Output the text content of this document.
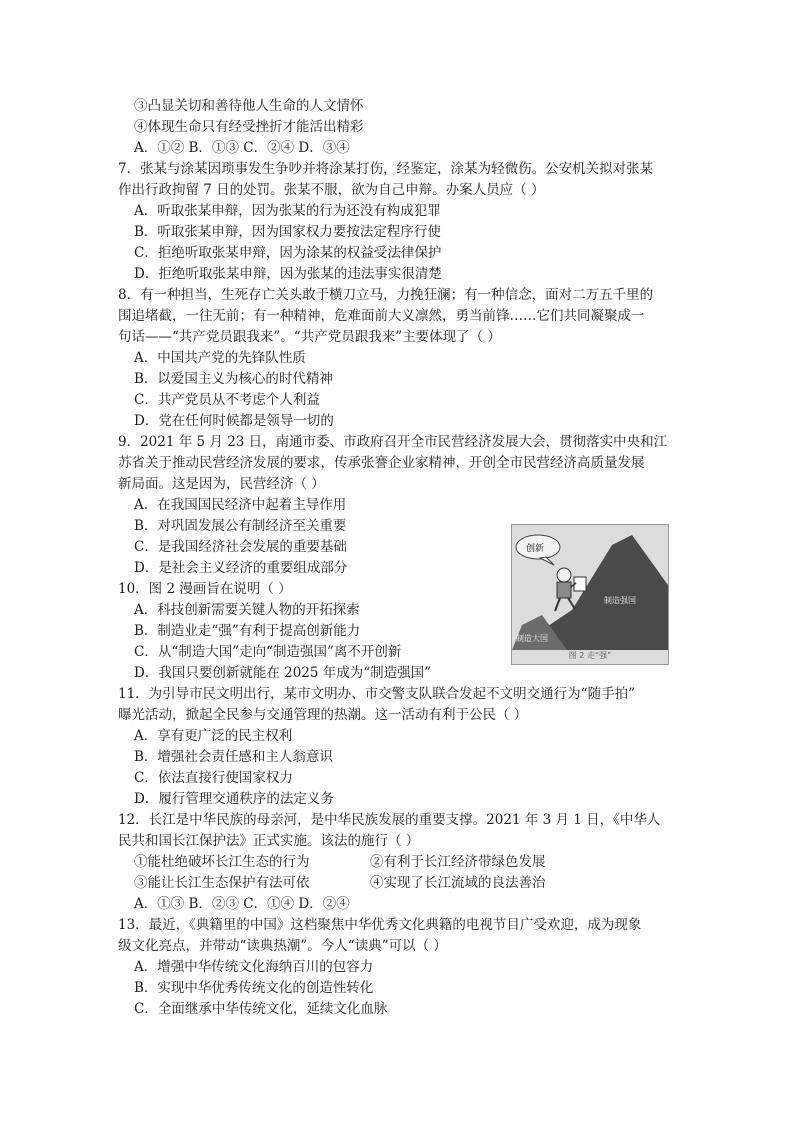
③凸显关切和善待他人生命的人文情怀
④体现生命只有经受挫折才能活出精彩
A．①② B．①③ C．②④ D．③④
7．张某与涂某因琐事发生争吵并将涂某打伤，经鉴定，涂某为轻微伤。公安机关拟对张某
作出行政拘留 7 日的处罚。张某不服，欲为自己申辩。办案人员应（ ）
A．听取张某申辩，因为张某的行为还没有构成犯罪
B．听取张某申辩，因为国家权力要按法定程序行使
C．拒绝听取张某申辩，因为涂某的权益受法律保护
D．拒绝听取张某申辩，因为张某的违法事实很清楚
8．有一种担当，生死存亡关头敢于横刀立马，力挽狂澜；有一种信念，面对二万五千里的
围追堵截，一往无前；有一种精神，危难面前大义凛然，勇当前锋……它们共同凝聚成一
句话——“共产党员跟我来”。“共产党员跟我来”主要体现了（ ）
A．中国共产党的先锋队性质
B．以爱国主义为核心的时代精神
C．共产党员从不考虑个人利益
D．党在任何时候都是领导一切的
9．2021 年 5 月 23 日，南通市委、市政府召开全市民营经济发展大会，贯彻落实中央和江
苏省关于推动民营经济发展的要求，传承张謇企业家精神，开创全市民营经济高质量发展
新局面。这是因为，民营经济（ ）
A．在我国国民经济中起着主导作用
B．对巩固发展公有制经济至关重要
C．是我国经济社会发展的重要基础
D．是社会主义经济的重要组成部分
10．图 2 漫画旨在说明（ ）
A．科技创新需要关键人物的开拓探索
B．制造业走“强”有利于提高创新能力
C．从“制造大国”走向“制造强国”离不开创新
D．我国只要创新就能在 2025 年成为“制造强国”
11．为引导市民文明出行，某市文明办、市交警支队联合发起不文明交通行为“随手拍”
曝光活动，掀起全民参与交通管理的热潮。这一活动有利于公民（ ）
A．享有更广泛的民主权利
B．增强社会责任感和主人翁意识
C．依法直接行使国家权力
D．履行管理交通秩序的法定义务
12．长江是中华民族的母亲河，是中华民族发展的重要支撑。2021 年 3 月 1 日，《中华人
民共和国长江保护法》正式实施。该法的施行（ ）
①能杜绝破坏长江生态的行为	②有利于长江经济带绿色发展
③能让长江生态保护有法可依	④实现了长江流域的良法善治
A．①③ B．②③ C．①④ D．②④
13．最近，《典籍里的中国》这档聚焦中华优秀文化典籍的电视节目广受欢迎，成为现象
级文化亮点，并带动“读典热潮”。今人“读典”可以（ ）
A．增强中华传统文化海纳百川的包容力
B．实现中华优秀传统文化的创造性转化
C．全面继承中华传统文化，延续文化血脉
创新
制造强国
制造大国
图 2 走“强”
